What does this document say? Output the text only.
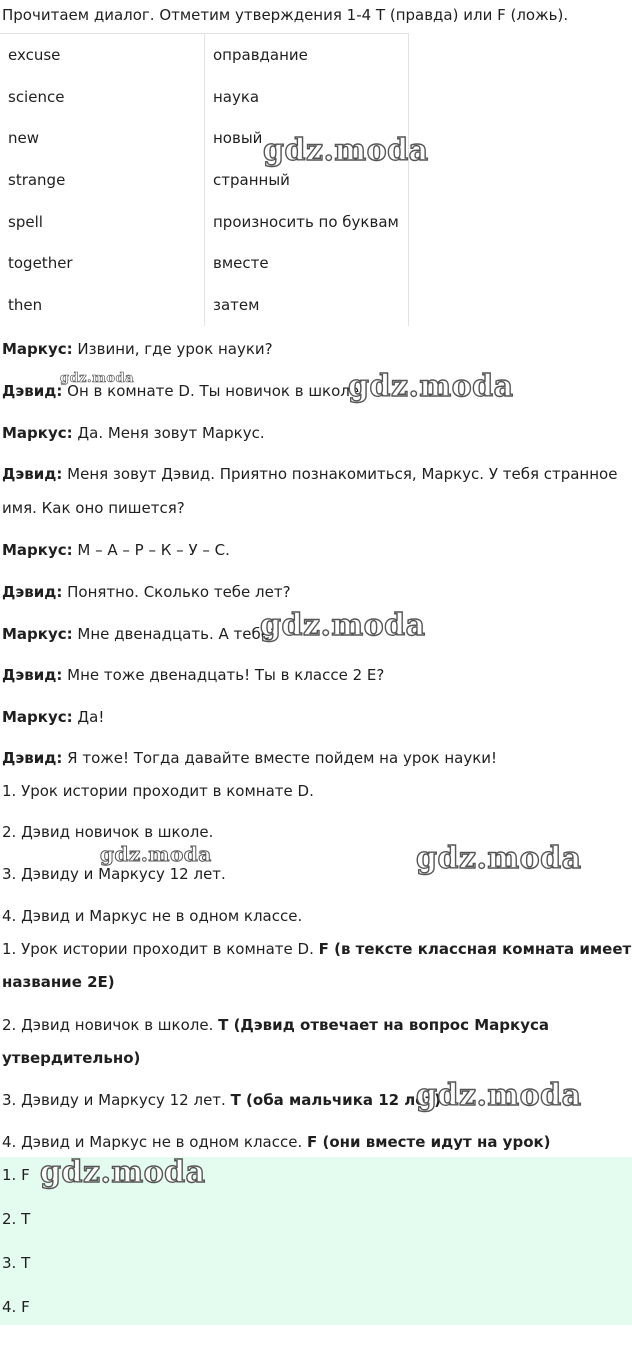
Прочитаем диалог. Отметим утверждения 1-4 T (правда) или F (ложь).
excuse	оправдание
science	наука
new	новый
strange	странный
spell	произносить по буквам
together	вместе
then	затем
Маркус: Извини, где урок науки?
Дэвид: Он в комнате D. Ты новичок в школе?
Маркус: Да. Меня зовут Маркус.
Дэвид: Меня зовут Дэвид. Приятно познакомиться, Маркус. У тебя странное
имя. Как оно пишется?
Маркус: М – А – Р – К – У – С.
Дэвид: Понятно. Сколько тебе лет?
Маркус: Мне двенадцать. А тебе?
Дэвид: Мне тоже двенадцать! Ты в классе 2 Е?
Маркус: Да!
Дэвид: Я тоже! Тогда давайте вместе пойдем на урок науки!
1. Урок истории проходит в комнате D.
2. Дэвид новичок в школе.
3. Дэвиду и Маркусу 12 лет.
4. Дэвид и Маркус не в одном классе.
1. Урок истории проходит в комнате D. F (в тексте классная комната имеет
название 2Е)
2. Дэвид новичок в школе. T (Дэвид отвечает на вопрос Маркуса
утвердительно)
3. Дэвиду и Маркусу 12 лет. T (оба мальчика 12 лет)
4. Дэвид и Маркус не в одном классе. F (они вместе идут на урок)
1. F
2. T
3. T
4. F
gdz.moda
gdz.moda	gdz.moda
gdz.moda
gdz.moda	gdz.moda
gdz.moda
gdz.moda
